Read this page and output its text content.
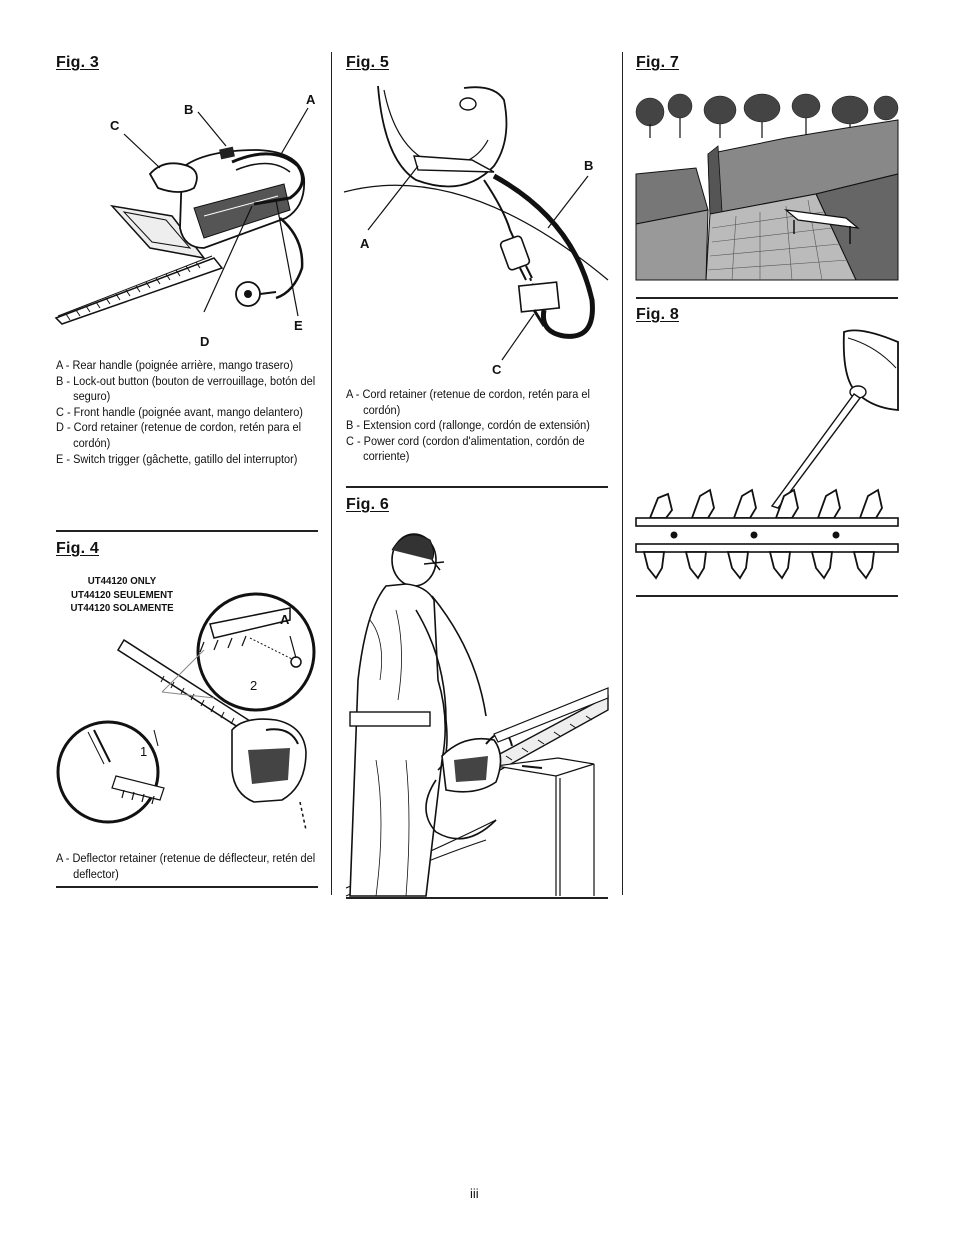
Fig. 3
C
B
A
D
E
A - Rear handle (poignée arrière, mango trasero)
B - Lock-out button (bouton de verrouillage, botón del seguro)
C - Front handle (poignée avant, mango delantero)
D - Cord retainer (retenue de cordon, retén para el cordón)
E - Switch trigger (gâchette, gatillo del interruptor)
Fig. 4
UT44120 ONLY
UT44120 SEULEMENT
UT44120 SOLAMENTE
A
2
1
A - Deflector retainer (retenue de déflecteur, retén del deflector)
Fig. 5
B
A
C
A - Cord retainer (retenue de cordon, retén para el cordón)
B - Extension cord (rallonge, cordón de extensión)
C - Power cord (cordon d'alimentation, cordón de corriente)
Fig. 6
Fig. 7
Fig. 8
iii
